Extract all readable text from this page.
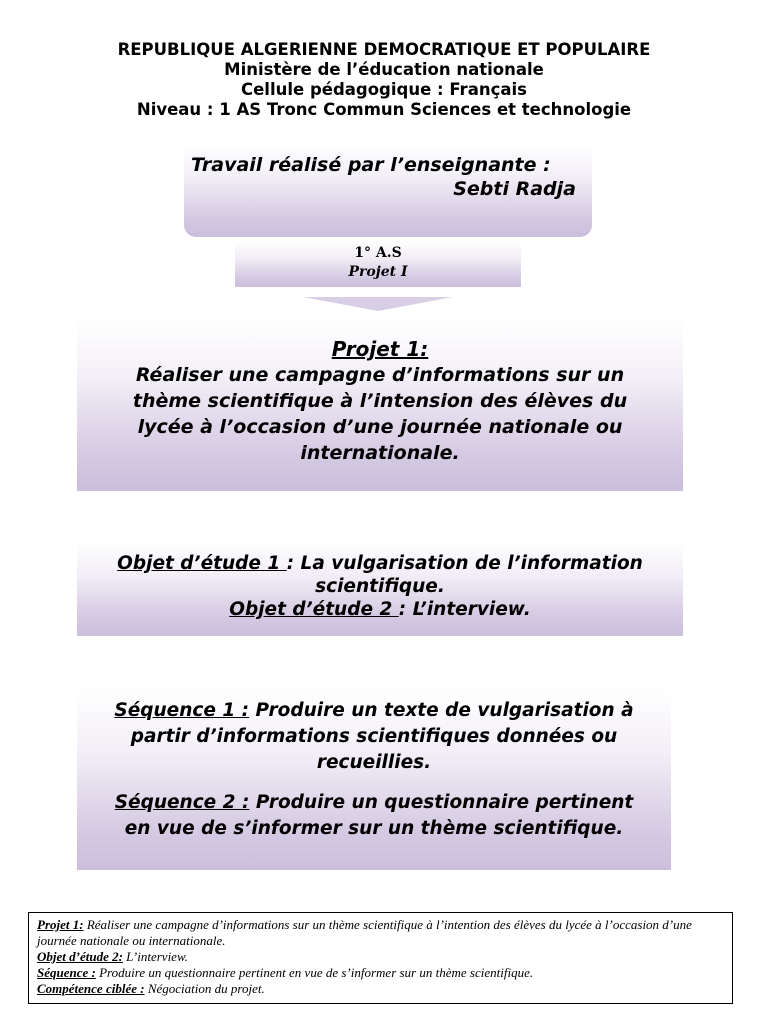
REPUBLIQUE ALGERIENNE DEMOCRATIQUE ET POPULAIRE
Ministère de l’éducation nationale
Cellule pédagogique : Français
Niveau : 1 AS Tronc Commun Sciences et technologie
Travail réalisé par l’enseignante :
Sebti Radja
1° A.S
Projet I
Projet 1:
Réaliser une campagne d’informations sur un thème scientifique à l’intension des élèves du lycée à l’occasion d’une journée nationale ou internationale.
Objet d’étude 1 : La vulgarisation de l’information scientifique.
Objet d’étude 2 : L’interview.
Séquence 1 : Produire un texte de vulgarisation à partir d’informations scientifiques données ou recueillies.
Séquence 2 : Produire un questionnaire pertinent en vue de s’informer sur un thème scientifique.
Projet 1: Réaliser une campagne d’informations sur un thème scientifique à l’intention des élèves du lycée à l’occasion d’une journée nationale ou internationale.
Objet d’étude 2: L’interview.
Séquence : Produire un questionnaire pertinent en vue de s’informer sur un thème scientifique.
Compétence ciblée : Négociation du projet.
